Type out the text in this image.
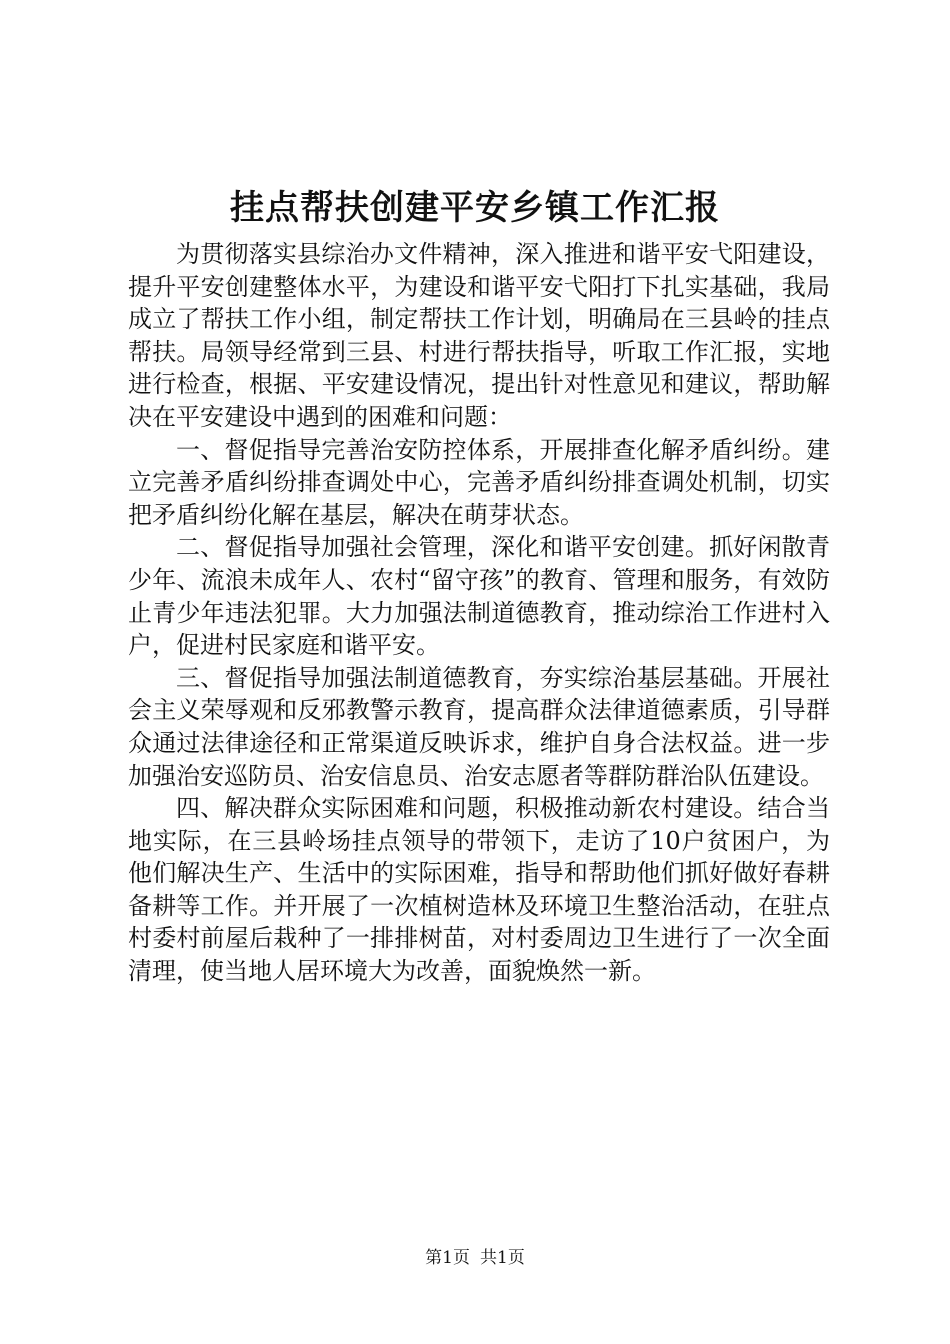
挂点帮扶创建平安乡镇工作汇报

为贯彻落实县综治办文件精神，深入推进和谐平安弋阳建设，提升平安创建整体水平，为建设和谐平安弋阳打下扎实基础，我局成立了帮扶工作小组，制定帮扶工作计划，明确局在三县岭的挂点帮扶。局领导经常到三县、村进行帮扶指导，听取工作汇报，实地进行检查，根据、平安建设情况，提出针对性意见和建议，帮助解决在平安建设中遇到的困难和问题：

一、督促指导完善治安防控体系，开展排查化解矛盾纠纷。建立完善矛盾纠纷排查调处中心，完善矛盾纠纷排查调处机制，切实把矛盾纠纷化解在基层，解决在萌芽状态。

二、督促指导加强社会管理，深化和谐平安创建。抓好闲散青少年、流浪未成年人、农村“留守孩”的教育、管理和服务，有效防止青少年违法犯罪。大力加强法制道德教育，推动综治工作进村入户，促进村民家庭和谐平安。

三、督促指导加强法制道德教育，夯实综治基层基础。开展社会主义荣辱观和反邪教警示教育，提高群众法律道德素质，引导群众通过法律途径和正常渠道反映诉求，维护自身合法权益。进一步加强治安巡防员、治安信息员、治安志愿者等群防群治队伍建设。

四、解决群众实际困难和问题，积极推动新农村建设。结合当地实际，在三县岭场挂点领导的带领下，走访了10户贫困户，为他们解决生产、生活中的实际困难，指导和帮助他们抓好做好春耕备耕等工作。并开展了一次植树造林及环境卫生整治活动，在驻点村委村前屋后栽种了一排排树苗，对村委周边卫生进行了一次全面清理，使当地人居环境大为改善，面貌焕然一新。

第1页 共1页
